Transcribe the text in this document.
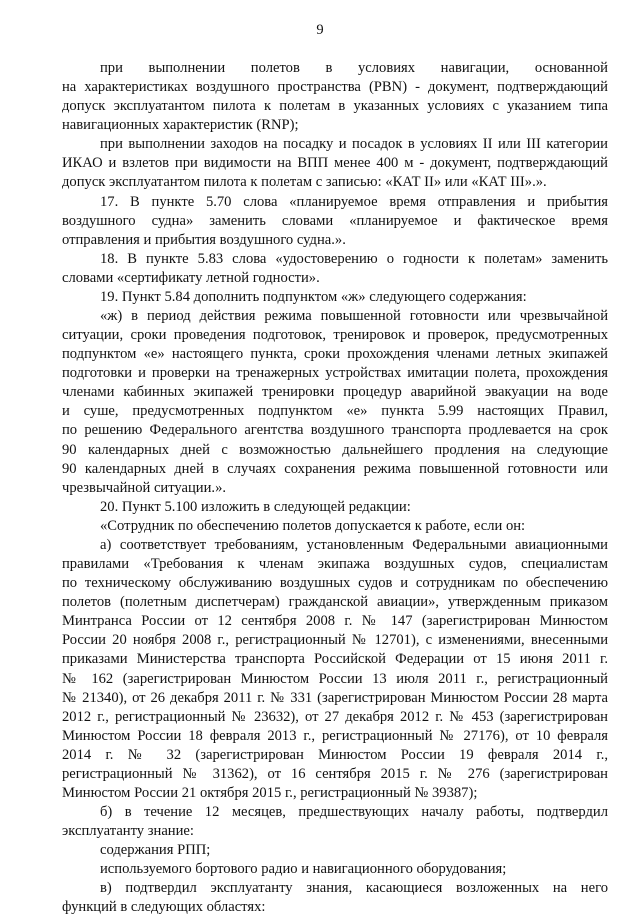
9
при выполнении полетов в условиях навигации, основанной
на характеристиках воздушного пространства (PBN) - документ, подтверждающий
допуск эксплуатантом пилота к полетам в указанных условиях с указанием типа
навигационных характеристик (RNP);
при выполнении заходов на посадку и посадок в условиях II или III категории
ИКАО и взлетов при видимости на ВПП менее 400 м - документ, подтверждающий
допуск эксплуатантом пилота к полетам с записью: «КАТ II» или «КАТ III».».
17. В пункте 5.70 слова «планируемое время отправления и прибытия
воздушного судна» заменить словами «планируемое и фактическое время
отправления и прибытия воздушного судна.».
18. В пункте 5.83 слова «удостоверению о годности к полетам» заменить
словами «сертификату летной годности».
19. Пункт 5.84 дополнить подпунктом «ж» следующего содержания:
«ж) в период действия режима повышенной готовности или чрезвычайной
ситуации, сроки проведения подготовок, тренировок и проверок, предусмотренных
подпунктом «е» настоящего пункта, сроки прохождения членами летных экипажей
подготовки и проверки на тренажерных устройствах имитации полета, прохождения
членами кабинных экипажей тренировки процедур аварийной эвакуации на воде
и суше, предусмотренных подпунктом «е» пункта 5.99 настоящих Правил,
по решению Федерального агентства воздушного транспорта продлевается на срок
90 календарных дней с возможностью дальнейшего продления на следующие
90 календарных дней в случаях сохранения режима повышенной готовности или
чрезвычайной ситуации.».
20. Пункт 5.100 изложить в следующей редакции:
«Сотрудник по обеспечению полетов допускается к работе, если он:
а) соответствует требованиям, установленным Федеральными авиационными
правилами «Требования к членам экипажа воздушных судов, специалистам
по техническому обслуживанию воздушных судов и сотрудникам по обеспечению
полетов (полетным диспетчерам) гражданской авиации», утвержденным приказом
Минтранса России от 12 сентября 2008 г. № 147 (зарегистрирован Минюстом
России 20 ноября 2008 г., регистрационный № 12701), с изменениями, внесенными
приказами Министерства транспорта Российской Федерации от 15 июня 2011 г.
№ 162 (зарегистрирован Минюстом России 13 июля 2011 г., регистрационный
№ 21340), от 26 декабря 2011 г. № 331 (зарегистрирован Минюстом России 28 марта
2012 г., регистрационный № 23632), от 27 декабря 2012 г. № 453 (зарегистрирован
Минюстом России 18 февраля 2013 г., регистрационный № 27176), от 10 февраля
2014 г. № 32 (зарегистрирован Минюстом России 19 февраля 2014 г.,
регистрационный № 31362), от 16 сентября 2015 г. № 276 (зарегистрирован
Минюстом России 21 октября 2015 г., регистрационный № 39387);
б) в течение 12 месяцев, предшествующих началу работы, подтвердил
эксплуатанту знание:
содержания РПП;
используемого бортового радио и навигационного оборудования;
в) подтвердил эксплуатанту знания, касающиеся возложенных на него
функций в следующих областях:
